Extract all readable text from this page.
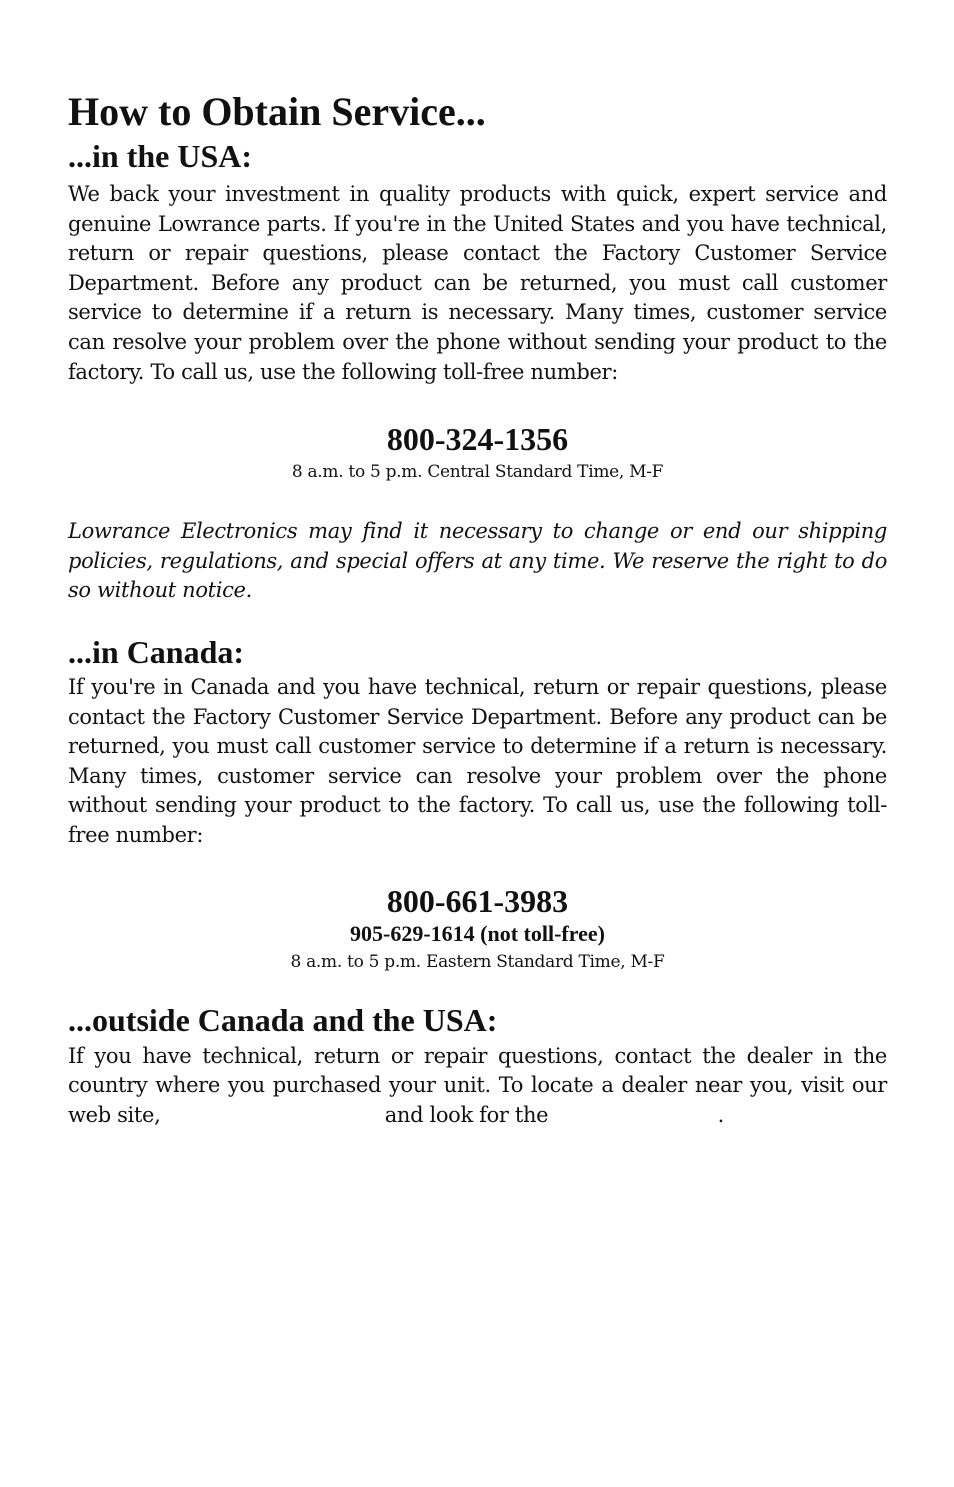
How to Obtain Service...
...in the USA:

We back your investment in quality products with quick, expert service and genuine Lowrance parts. If you're in the United States and you have technical, return or repair questions, please contact the Factory Customer Service Department. Before any product can be returned, you must call customer service to determine if a return is necessary. Many times, customer service can resolve your problem over the phone without sending your product to the factory. To call us, use the following toll-free number:

800-324-1356
8 a.m. to 5 p.m. Central Standard Time, M-F

Lowrance Electronics may find it necessary to change or end our shipping policies, regulations, and special offers at any time. We reserve the right to do so without notice.

...in Canada:

If you're in Canada and you have technical, return or repair questions, please contact the Factory Customer Service Department. Before any product can be returned, you must call customer service to determine if a return is necessary. Many times, customer service can resolve your problem over the phone without sending your product to the factory. To call us, use the following toll-free number:

800-661-3983
905-629-1614 (not toll-free)
8 a.m. to 5 p.m. Eastern Standard Time, M-F
...outside Canada and the USA:

If you have technical, return or repair questions, contact the dealer in the country where you purchased your unit. To locate a dealer near you, visit our web site,	and look for the	.
